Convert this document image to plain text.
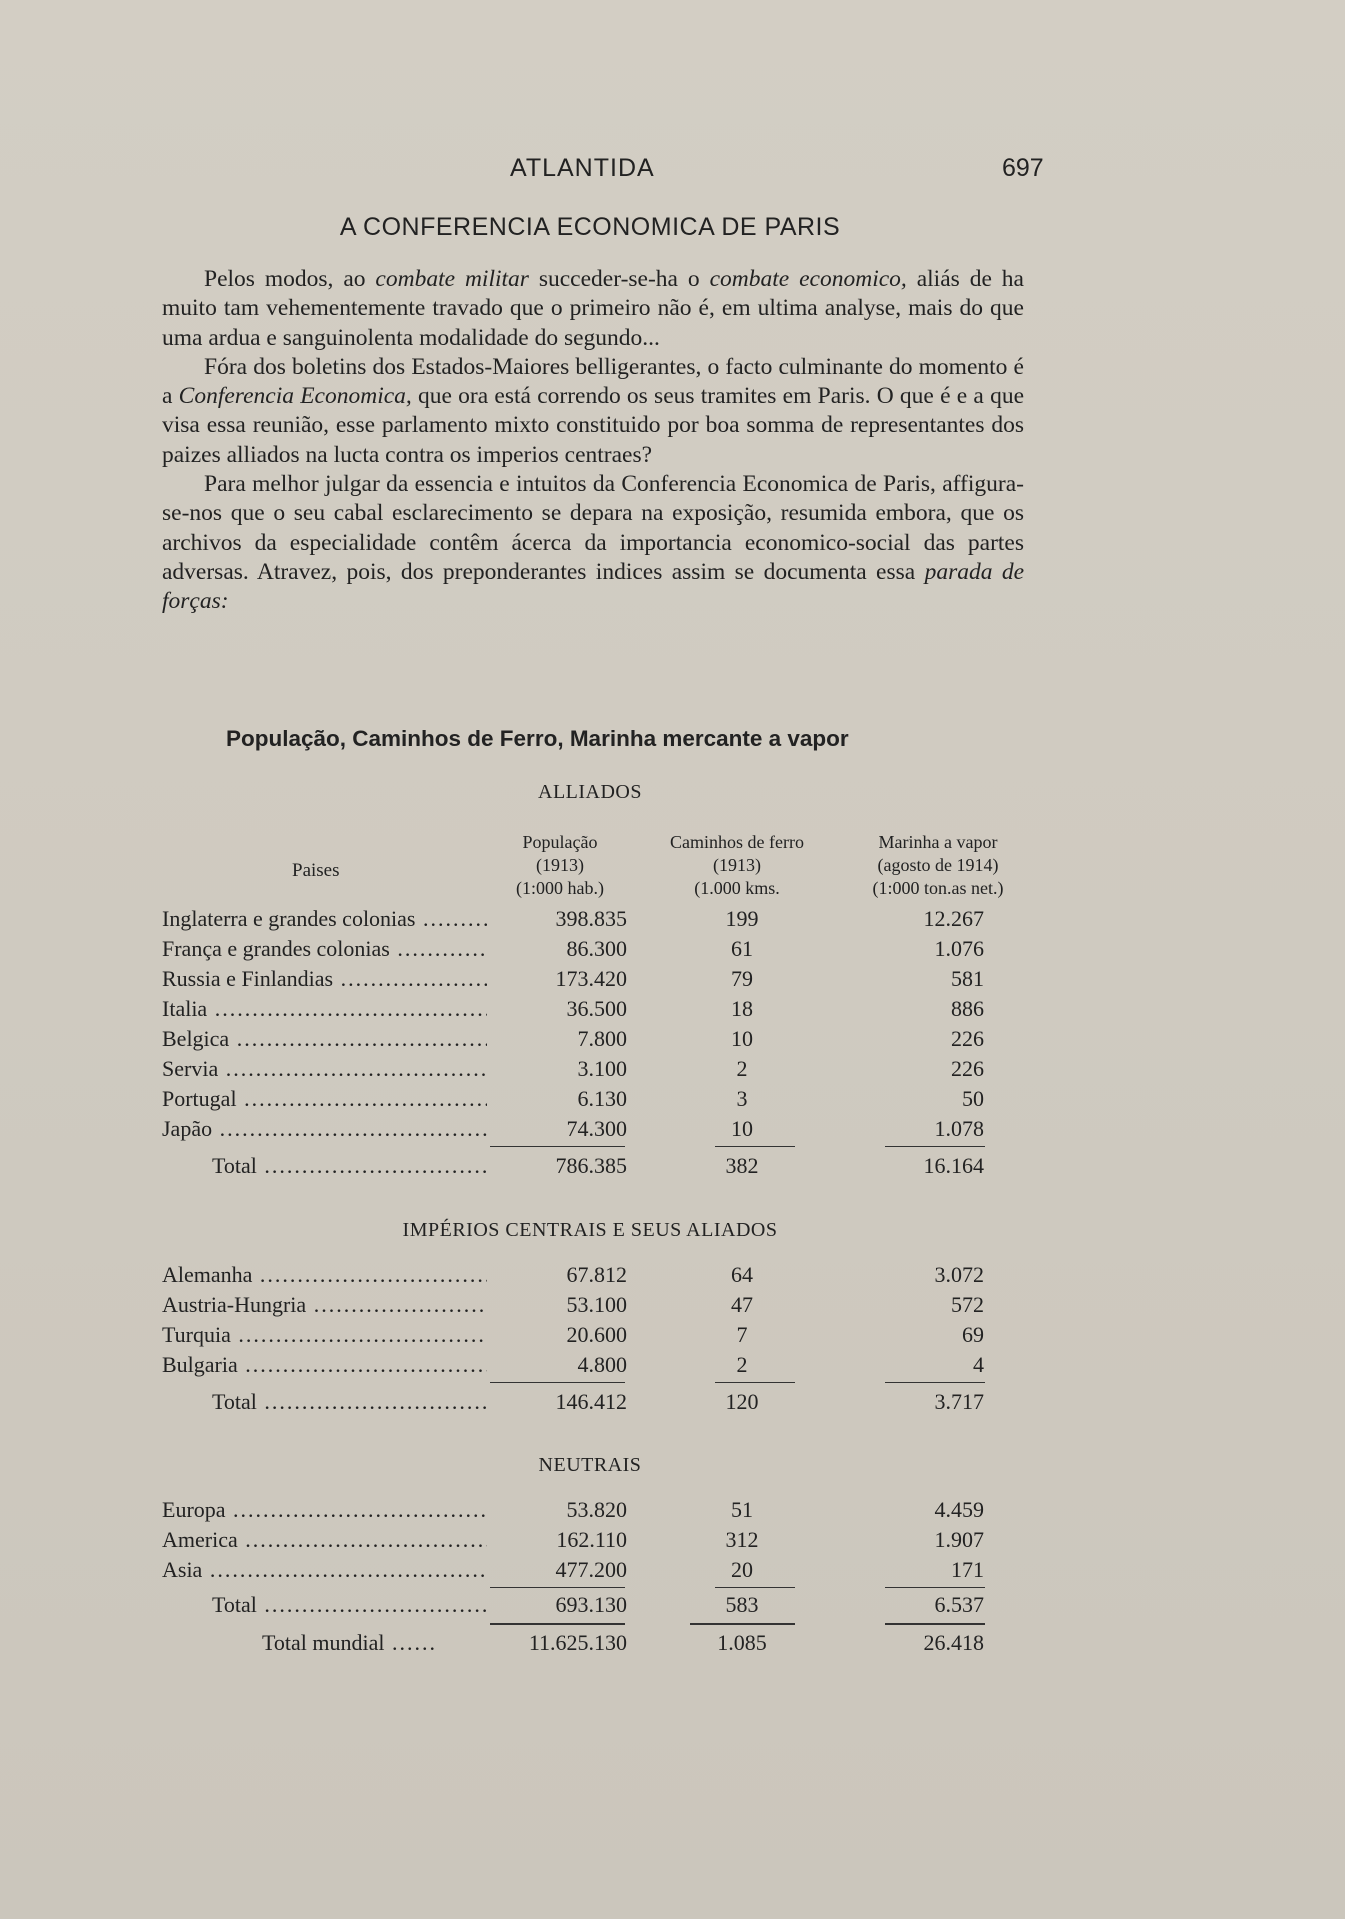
ATLANTIDA	697
A CONFERENCIA ECONOMICA DE PARIS

Pelos modos, ao combate militar succeder-se-ha o combate economico, aliás de ha muito tam vehementemente travado que o primeiro não é, em ultima analyse, mais do que uma ardua e sanguinolenta modalidade do segundo...

Fóra dos boletins dos Estados-Maiores belligerantes, o facto culminante do momento é a Conferencia Economica, que ora está correndo os seus tramites em Paris. O que é e a que visa essa reunião, esse parlamento mixto constituido por boa somma de representantes dos paizes alliados na lucta contra os imperios centraes?

Para melhor julgar da essencia e intuitos da Conferencia Economica de Paris, affigura-se-nos que o seu cabal esclarecimento se depara na exposição, resumida embora, que os archivos da especialidade contêm ácerca da importancia economico-social das partes adversas. Atravez, pois, dos preponderantes indices assim se documenta essa parada de forças:

População, Caminhos de Ferro, Marinha mercante a vapor
ALLIADOS
Paises
População
(1913)
(1:000 hab.)
Caminhos de ferro
(1913)
(1.000 kms.
Marinha a vapor
(agosto de 1914)
(1:000 ton.as net.)
Inglaterra e grandes colonias .....	398.835	199	12.267
França e grandes colonias .....	86.300	61	1.076
Russia e Finlandias .....	173.420	79	581
Italia .....	36.500	18	886
Belgica .....	7.800	10	226
Servia .....	3.100	2	226
Portugal .....	6.130	3	50
Japão .....	74.300	10	1.078
Total .....	786.385	382	16.164
IMPÉRIOS CENTRAIS E SEUS ALIADOS
Alemanha .....	67.812	64	3.072
Austria-Hungria .....	53.100	47	572
Turquia .....	20.600	7	69
Bulgaria .....	4.800	2	4
Total .....	146.412	120	3.717
NEUTRAIS
Europa .....	53.820	51	4.459
America .....	162.110	312	1.907
Asia .....	477.200	20	171
Total .....	693.130	583	6.537
Total mundial ......	11.625.130	1.085	26.418
